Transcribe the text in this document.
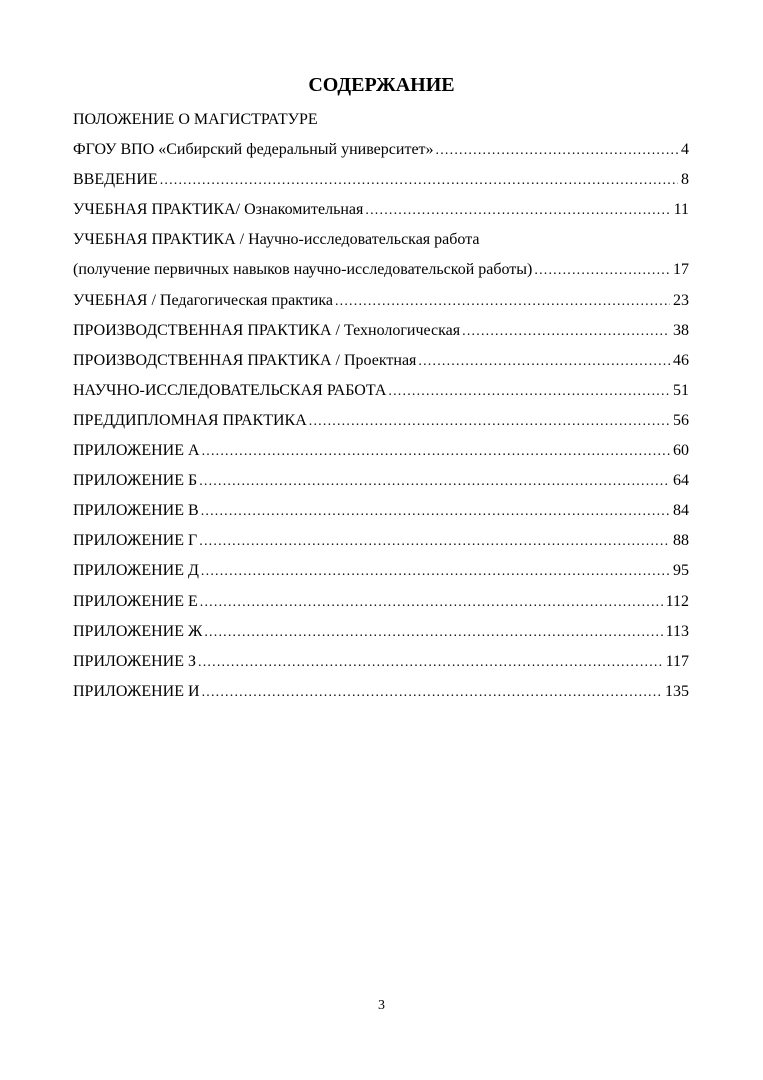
СОДЕРЖАНИЕ
ПОЛОЖЕНИЕ О МАГИСТРАТУРЕ
ФГОУ ВПО «Сибирский федеральный университет» .....	4
ВВЕДЕНИЕ .....	8
УЧЕБНАЯ ПРАКТИКА/ Ознакомительная .....	11
УЧЕБНАЯ ПРАКТИКА / Научно-исследовательская работа
(получение первичных навыков научно-исследовательской работы) .....	17
УЧЕБНАЯ / Педагогическая практика .....	23
ПРОИЗВОДСТВЕННАЯ ПРАКТИКА / Технологическая .....	38
ПРОИЗВОДСТВЕННАЯ ПРАКТИКА / Проектная .....	46
НАУЧНО-ИССЛЕДОВАТЕЛЬСКАЯ РАБОТА .....	51
ПРЕДДИПЛОМНАЯ ПРАКТИКА .....	56
ПРИЛОЖЕНИЕ А .....	60
ПРИЛОЖЕНИЕ Б .....	64
ПРИЛОЖЕНИЕ В .....	84
ПРИЛОЖЕНИЕ Г .....	88
ПРИЛОЖЕНИЕ Д .....	95
ПРИЛОЖЕНИЕ Е .....	112
ПРИЛОЖЕНИЕ Ж .....	113
ПРИЛОЖЕНИЕ З .....	117
ПРИЛОЖЕНИЕ И .....	135
3
